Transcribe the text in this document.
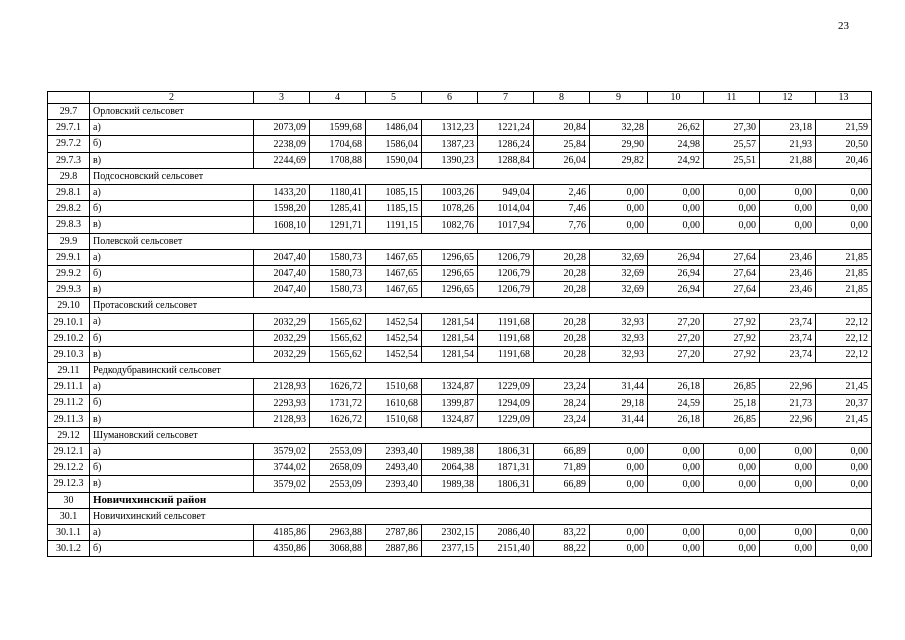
23
	2	3	4	5	6	7	8	9	10	11	12	13
29.7	Орловский сельсовет											
29.7.1	а)	2073,09	1599,68	1486,04	1312,23	1221,24	20,84	32,28	26,62	27,30	23,18	21,59
29.7.2	б)	2238,09	1704,68	1586,04	1387,23	1286,24	25,84	29,90	24,98	25,57	21,93	20,50
29.7.3	в)	2244,69	1708,88	1590,04	1390,23	1288,84	26,04	29,82	24,92	25,51	21,88	20,46
29.8	Подсосновский сельсовет											
29.8.1	а)	1433,20	1180,41	1085,15	1003,26	949,04	2,46	0,00	0,00	0,00	0,00	0,00
29.8.2	б)	1598,20	1285,41	1185,15	1078,26	1014,04	7,46	0,00	0,00	0,00	0,00	0,00
29.8.3	в)	1608,10	1291,71	1191,15	1082,76	1017,94	7,76	0,00	0,00	0,00	0,00	0,00
29.9	Полевской сельсовет											
29.9.1	а)	2047,40	1580,73	1467,65	1296,65	1206,79	20,28	32,69	26,94	27,64	23,46	21,85
29.9.2	б)	2047,40	1580,73	1467,65	1296,65	1206,79	20,28	32,69	26,94	27,64	23,46	21,85
29.9.3	в)	2047,40	1580,73	1467,65	1296,65	1206,79	20,28	32,69	26,94	27,64	23,46	21,85
29.10	Протасовский сельсовет											
29.10.1	а)	2032,29	1565,62	1452,54	1281,54	1191,68	20,28	32,93	27,20	27,92	23,74	22,12
29.10.2	б)	2032,29	1565,62	1452,54	1281,54	1191,68	20,28	32,93	27,20	27,92	23,74	22,12
29.10.3	в)	2032,29	1565,62	1452,54	1281,54	1191,68	20,28	32,93	27,20	27,92	23,74	22,12
29.11	Редкодубравинский сельсовет											
29.11.1	а)	2128,93	1626,72	1510,68	1324,87	1229,09	23,24	31,44	26,18	26,85	22,96	21,45
29.11.2	б)	2293,93	1731,72	1610,68	1399,87	1294,09	28,24	29,18	24,59	25,18	21,73	20,37
29.11.3	в)	2128,93	1626,72	1510,68	1324,87	1229,09	23,24	31,44	26,18	26,85	22,96	21,45
29.12	Шумановский сельсовет											
29.12.1	а)	3579,02	2553,09	2393,40	1989,38	1806,31	66,89	0,00	0,00	0,00	0,00	0,00
29.12.2	б)	3744,02	2658,09	2493,40	2064,38	1871,31	71,89	0,00	0,00	0,00	0,00	0,00
29.12.3	в)	3579,02	2553,09	2393,40	1989,38	1806,31	66,89	0,00	0,00	0,00	0,00	0,00
30	Новичихинский район											
30.1	Новичихинский сельсовет											
30.1.1	а)	4185,86	2963,88	2787,86	2302,15	2086,40	83,22	0,00	0,00	0,00	0,00	0,00
30.1.2	б)	4350,86	3068,88	2887,86	2377,15	2151,40	88,22	0,00	0,00	0,00	0,00	0,00
